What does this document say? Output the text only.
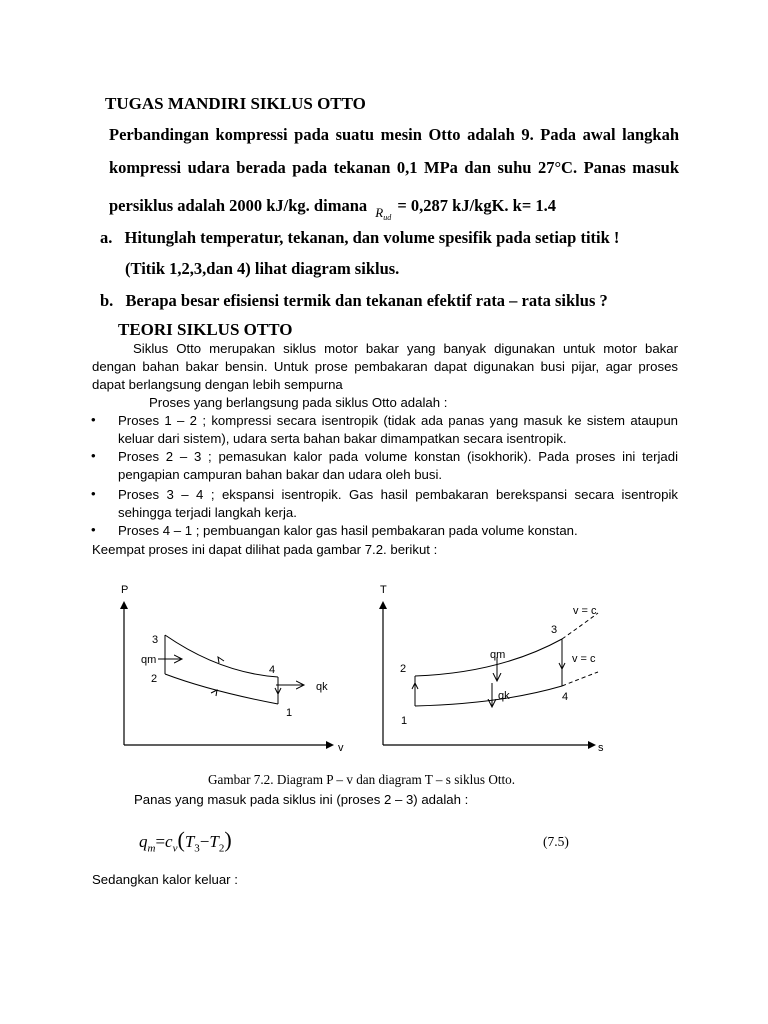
TUGAS MANDIRI SIKLUS OTTO
Perbandingan kompressi pada suatu mesin Otto adalah 9. Pada awal langkah
kompressi udara berada pada tekanan 0,1 MPa dan suhu 27°C. Panas masuk
persiklus adalah 2000 kJ/kg. dimana R ud
= 0,287 kJ/kgK. k= 1.4
a. Hitunglah temperatur, tekanan, dan volume spesifik pada setiap titik !
(Titik 1,2,3,dan 4) lihat diagram siklus.
b. Berapa besar efisiensi termik dan tekanan efektif rata – rata siklus ?
TEORI SIKLUS OTTO
Siklus Otto merupakan siklus motor bakar yang banyak digunakan untuk motor bakar
dengan bahan bakar bensin. Untuk prose pembakaran dapat digunakan busi pijar, agar proses
dapat berlangsung dengan lebih sempurna
Proses yang berlangsung pada siklus Otto adalah :
• Proses 1 – 2 ; kompressi secara isentropik (tidak ada panas yang masuk ke sistem ataupun
keluar dari sistem), udara serta bahan bakar dimampatkan secara isentropik.
• Proses 2 – 3 ; pemasukan kalor pada volume konstan (isokhorik). Pada proses ini terjadi
pengapian campuran bahan bakar dan udara oleh busi.
• Proses 3 – 4 ; ekspansi isentropik. Gas hasil pembakaran berekspansi secara isentropik
sehingga terjadi langkah kerja.
• Proses 4 – 1 ; pembuangan kalor gas hasil pembakaran pada volume konstan.
Keempat proses ini dapat dilihat pada gambar 7.2. berikut :
P
v
3
qm
2
4
qk
1
T
s
v = c
3
qm	v = c
2
qk	4
1
Gambar 7.2. Diagram P – v dan diagram T – s siklus Otto.
Panas yang masuk pada siklus ini (proses 2 – 3) adalah :
$q_m=c_v(T_3-T_2)$	(7.5)
Sedangkan kalor keluar :
